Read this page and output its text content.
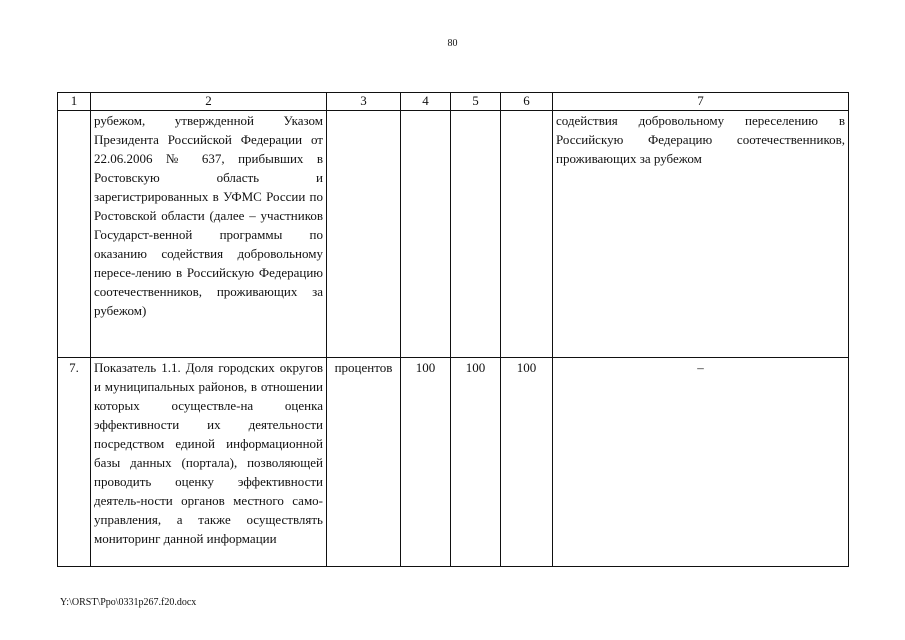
80
1	2	3	4	5	6	7
	рубежом, утвержденной Указом Президента Российской Федерации от 22.06.2006 № 637, прибывших в Ростовскую область и зарегистрированных в УФМС России по Ростовской области (далее – участников Государст-венной программы по оказанию содействия добровольному пересе-лению в Российскую Федерацию соотечественников, проживающих за рубежом)					содействия добровольному переселению в Российскую Федерацию соотечественников, проживающих за рубежом
7.	Показатель 1.1. Доля городских округов и муниципальных районов, в отношении которых осуществле-на оценка эффективности их деятельности посредством единой информационной базы данных (портала), позволяющей проводить оценку эффективности деятель-ности органов местного само-управления, а также осуществлять мониторинг данной информации	процентов	100	100	100	–
Y:\ORST\Ppo\0331p267.f20.docx
